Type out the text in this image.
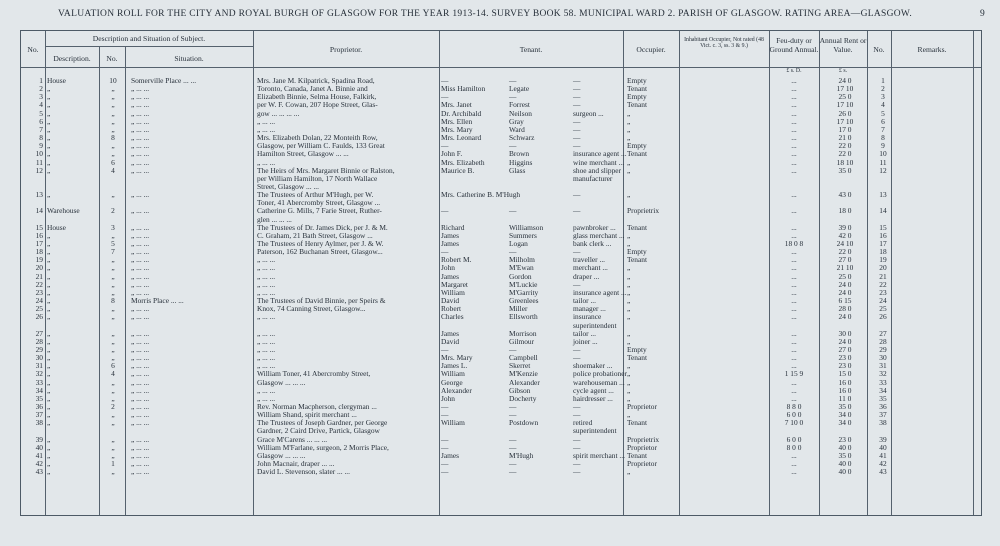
VALUATION ROLL FOR THE CITY AND ROYAL BURGH OF GLASGOW FOR THE YEAR 1913-14. SURVEY BOOK 58. MUNICIPAL WARD 2. PARISH OF GLASGOW. RATING AREA—GLASGOW.	9
No.
Description and Situation of Subject.
Description.	No.	Situation.
Proprietor.	Tenant.	Occupier.
Inhabitant Occupier, Not rated (48 Vict. c. 3, ss. 3 & 9.)
Feu-duty or Ground Annual.
Annual Rent or Value.	No.	Remarks.
£ s. D.	£ s.
1 House	10	Somerville Place ... ...	Mrs. Jane M. Kilpatrick, Spadina Road,	—	—	—	Empty	...	24 0	1
2 „	„	„ ... ...	Toronto, Canada, Janet A. Binnie and	Miss Hamilton	Legate	—	Tenant	...	17 10	2
3 „	„	„ ... ...	Elizabeth Binnie, Selma House, Falkirk,	—	—	—	Empty	...	25 0	3
4 „	„	„ ... ...	per W. F. Cowan, 207 Hope Street, Glas-	Mrs. Janet	Forrest	—	Tenant	...	17 10	4
5 „	„	„ ... ...	gow ... ... ... ...	Dr. Archibald	Neilson	surgeon ...	„	...	26 0	5
6 „	„	„ ... ...	„ ... ...	Mrs. Ellen	Gray	—	„	...	17 10	6
7 „	„	„ ... ...	„ ... ...	Mrs. Mary	Ward	—	„	...	17 0	7
8 „	8	„ ... ...	Mrs. Elizabeth Dolan, 22 Monteith Row,	Mrs. Leonard	Schwarz	—	„	...	21 0	8
9 „	„	„ ... ...	Glasgow, per William C. Faulds, 133 Great	—	—	—	Empty	...	22 0	9
10 „	„	„ ... ...	Hamilton Street, Glasgow ... ...	John F.	Brown	insurance agent ... Tenant	...	22 0	10
11 „	6	„ ... ...	„ ... ...	Mrs. Elizabeth	Higgins	wine merchant ... „	...	18 10	11
12 „	4	„ ... ...	The Heirs of Mrs. Margaret Binnie or Ralston,	Maurice B.	Glass	shoe and slipper „	...	35 0	12
per William Hamilton, 17 North Wallace	manufacturer
Street, Glasgow ... ...
13 „	„	„ ... ...	The Trustees of Arthur M'Hugh, per W.	Mrs. Catherine B. M'Hugh	—	„	...	43 0	13
Toner, 41 Abercromby Street, Glasgow ...
14 Warehouse	2	„ ... ...	Catherine G. Mills, 7 Farie Street, Ruther-	—	—	—	Proprietrix	...	18 0	14
glen ... ... ...
15 House	3	„ ... ...	The Trustees of Dr. James Dick, per J. & M.	Richard	Williamson	pawnbroker ...	Tenant	...	39 0	15
16 „	„	„ ... ...	C. Graham, 21 Bath Street, Glasgow ...	James	Summers	glass merchant ... „	...	42 0	16
17 „	5	„ ... ...	The Trustees of Henry Aylmer, per J. & W.	James	Logan	bank clerk ...	„	18 0 8	24 10	17
18 „	7	„ ... ...	Paterson, 162 Buchanan Street, Glasgow...	—	—	—	Empty	...	22 0	18
19 „	„	„ ... ...	„ ... ...	Robert M.	Milholm	traveller ...	Tenant	...	27 0	19
20 „	„	„ ... ...	„ ... ...	John	M'Ewan	merchant ...	„	...	21 10	20
21 „	„	„ ... ...	„ ... ...	James	Gordon	draper ...	„	...	25 0	21
22 „	„	„ ... ...	„ ... ...	Margaret	M'Luckie	—	„	...	24 0	22
23 „	„	„ ... ...	„ ... ...	William	M'Garrity	insurance agent ... „	...	24 0	23
24 „	8	Morris Place ... ...	The Trustees of David Binnie, per Speirs &	David	Greenlees	tailor ...	„	...	6 15	24
25 „	„	„ ... ...	Knox, 74 Canning Street, Glasgow...	Robert	Miller	manager ...	„	...	28 0	25
26 „	„	„ ... ...	„ ... ...	Charles	Ellsworth	insurance	„	...	24 0	26
superintendent
27 „	„	„ ... ...	„ ... ...	James	Morrison	tailor ...	„	...	30 0	27
28 „	„	„ ... ...	„ ... ...	David	Gilmour	joiner ...	„	...	24 0	28
29 „	„	„ ... ...	„ ... ...	—	—	—	Empty	...	27 0	29
30 „	„	„ ... ...	„ ... ...	Mrs. Mary	Campbell	—	Tenant	...	23 0	30
31 „	6	„ ... ...	„ ... ...	James L.	Skerret	shoemaker ...	„	...	23 0	31
32 „	4	„ ... ...	William Toner, 41 Abercromby Street,	William	M'Kenzie	police probationer „	1 15 9	15 0	32
33 „	„	„ ... ...	Glasgow ... ... ...	George	Alexander	warehouseman ... „	...	16 0	33
34 „	„	„ ... ...	„ ... ...	Alexander	Gibson	cycle agent ...	„	...	16 0	34
35 „	„	„ ... ...	„ ... ...	John	Docherty	hairdresser ...	„	...	11 0	35
36 „	2	„ ... ...	Rev. Norman Macpherson, clergyman ...	—	—	—	Proprietor	8 8 0	35 0	36
37 „	„	„ ... ...	William Shand, spirit merchant ...	—	—	—	„	6 0 0	34 0	37
38 „	„	„ ... ...	The Trustees of Joseph Gardner, per George	William	Postdown	retired	Tenant	7 10 0	34 0	38
Gardner, 2 Caird Drive, Partick, Glasgow	superintendent
39 „	„	„ ... ...	Grace M'Carens ... ... ...	—	—	—	Proprietrix	6 0 0	23 0	39
40 „	„	„ ... ...	William M'Farlane, surgeon, 2 Morris Place,	—	—	—	Proprietor	8 0 0	40 0	40
41 „	„	„ ... ...	Glasgow ... ... ...	James	M'Hugh	spirit merchant ... Tenant	...	35 0	41
42 „	1	„ ... ...	John Macnair, draper ... ...	—	—	—	Proprietor	...	40 0	42
43 „	„	„ ... ...	David L. Stevenson, slater ... ...	—	—	—	„	...	40 0	43
